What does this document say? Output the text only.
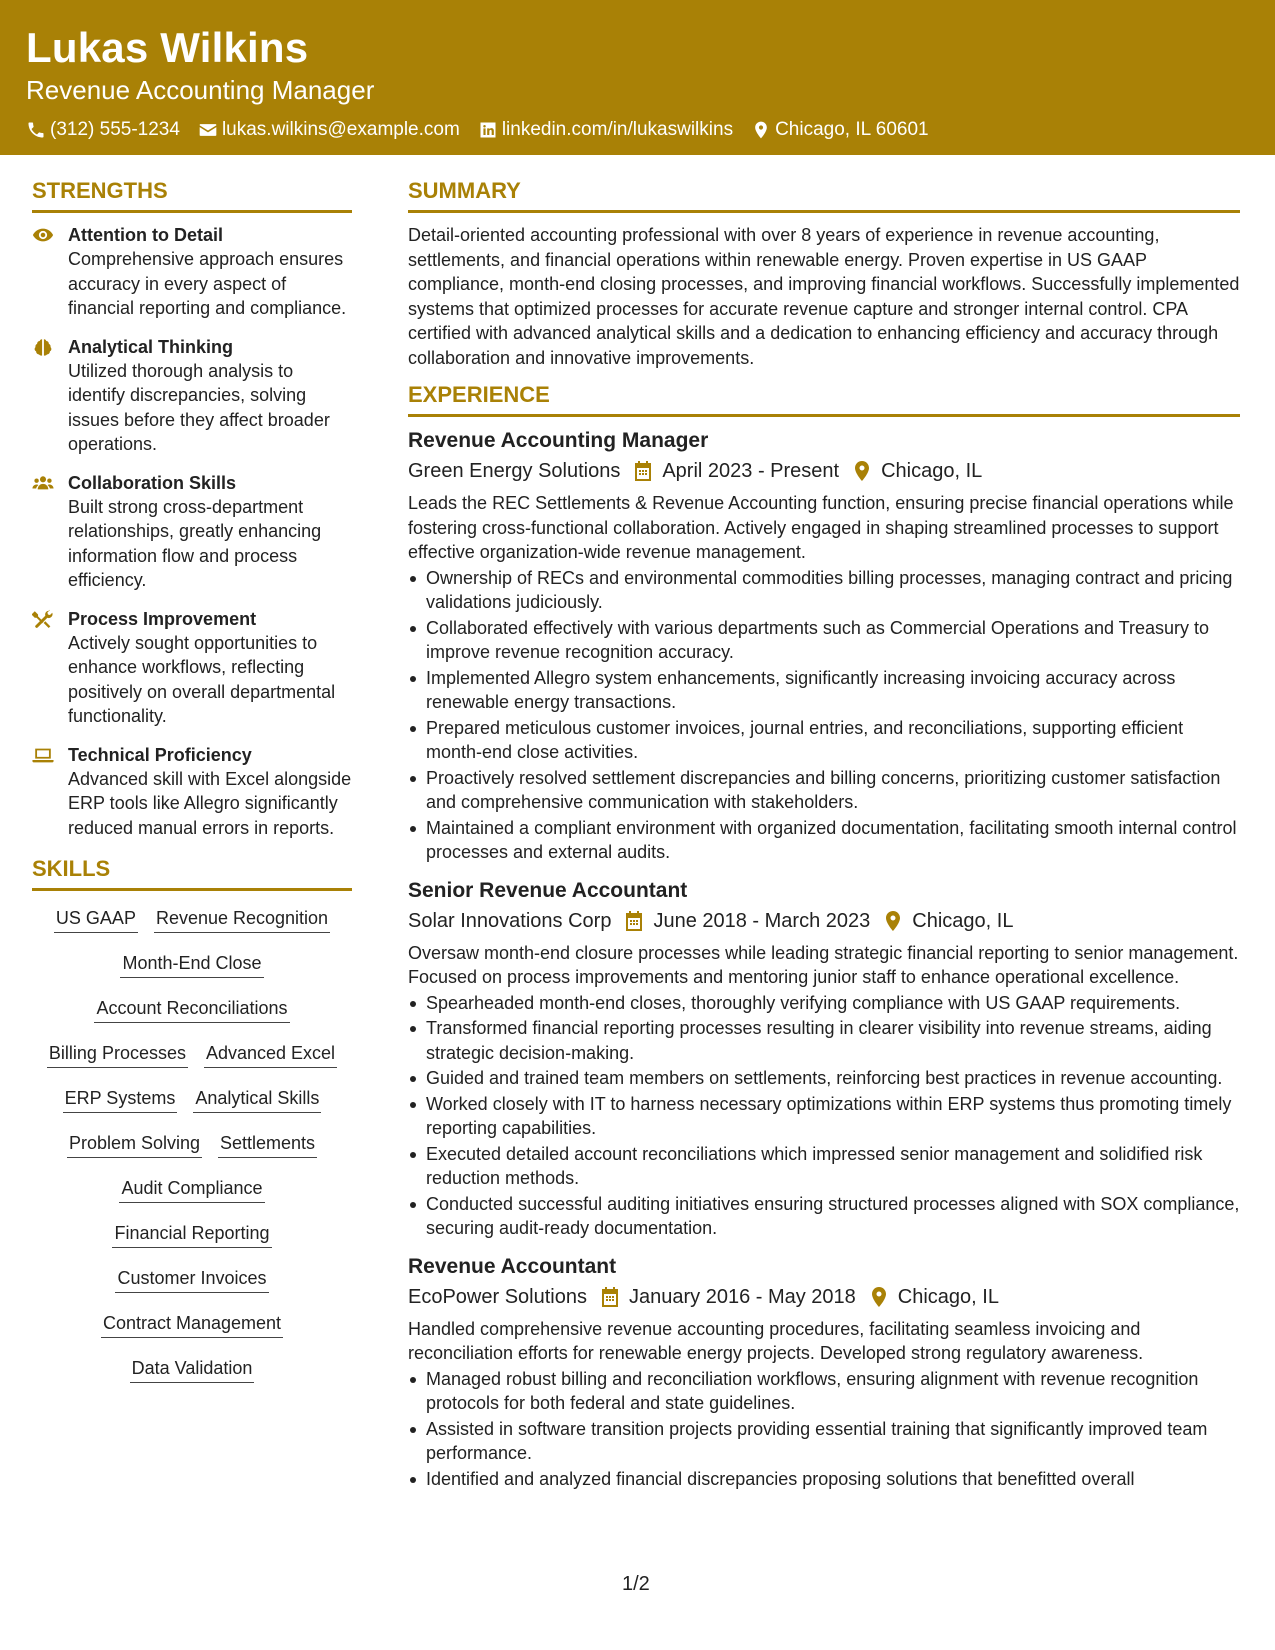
Lukas Wilkins
Revenue Accounting Manager
(312) 555-1234 lukas.wilkins@example.com linkedin.com/in/lukaswilkins Chicago, IL 60601
STRENGTHS
Attention to Detail
Comprehensive approach ensures accuracy in every aspect of financial reporting and compliance.
Analytical Thinking
Utilized thorough analysis to identify discrepancies, solving issues before they affect broader operations.
Collaboration Skills
Built strong cross-department relationships, greatly enhancing information flow and process efficiency.
Process Improvement
Actively sought opportunities to enhance workflows, reflecting positively on overall departmental functionality.
Technical Proficiency
Advanced skill with Excel alongside ERP tools like Allegro significantly reduced manual errors in reports.
SKILLS
US GAAP Revenue Recognition
Month-End Close
Account Reconciliations
Billing Processes Advanced Excel
ERP Systems Analytical Skills
Problem Solving Settlements
Audit Compliance
Financial Reporting
Customer Invoices
Contract Management
Data Validation
SUMMARY
Detail-oriented accounting professional with over 8 years of experience in revenue accounting, settlements, and financial operations within renewable energy. Proven expertise in US GAAP compliance, month-end closing processes, and improving financial workflows. Successfully implemented systems that optimized processes for accurate revenue capture and stronger internal control. CPA certified with advanced analytical skills and a dedication to enhancing efficiency and accuracy through collaboration and innovative improvements.
EXPERIENCE
Revenue Accounting Manager
Green Energy Solutions April 2023 - Present Chicago, IL
Leads the REC Settlements & Revenue Accounting function, ensuring precise financial operations while fostering cross-functional collaboration. Actively engaged in shaping streamlined processes to support effective organization-wide revenue management.
Ownership of RECs and environmental commodities billing processes, managing contract and pricing validations judiciously.
Collaborated effectively with various departments such as Commercial Operations and Treasury to improve revenue recognition accuracy.
Implemented Allegro system enhancements, significantly increasing invoicing accuracy across renewable energy transactions.
Prepared meticulous customer invoices, journal entries, and reconciliations, supporting efficient month-end close activities.
Proactively resolved settlement discrepancies and billing concerns, prioritizing customer satisfaction and comprehensive communication with stakeholders.
Maintained a compliant environment with organized documentation, facilitating smooth internal control processes and external audits.
Senior Revenue Accountant
Solar Innovations Corp June 2018 - March 2023 Chicago, IL
Oversaw month-end closure processes while leading strategic financial reporting to senior management. Focused on process improvements and mentoring junior staff to enhance operational excellence.
Spearheaded month-end closes, thoroughly verifying compliance with US GAAP requirements.
Transformed financial reporting processes resulting in clearer visibility into revenue streams, aiding strategic decision-making.
Guided and trained team members on settlements, reinforcing best practices in revenue accounting.
Worked closely with IT to harness necessary optimizations within ERP systems thus promoting timely reporting capabilities.
Executed detailed account reconciliations which impressed senior management and solidified risk reduction methods.
Conducted successful auditing initiatives ensuring structured processes aligned with SOX compliance, securing audit-ready documentation.
Revenue Accountant
EcoPower Solutions January 2016 - May 2018 Chicago, IL
Handled comprehensive revenue accounting procedures, facilitating seamless invoicing and reconciliation efforts for renewable energy projects. Developed strong regulatory awareness.
Managed robust billing and reconciliation workflows, ensuring alignment with revenue recognition protocols for both federal and state guidelines.
Assisted in software transition projects providing essential training that significantly improved team performance.
Identified and analyzed financial discrepancies proposing solutions that benefitted overall
1/2
